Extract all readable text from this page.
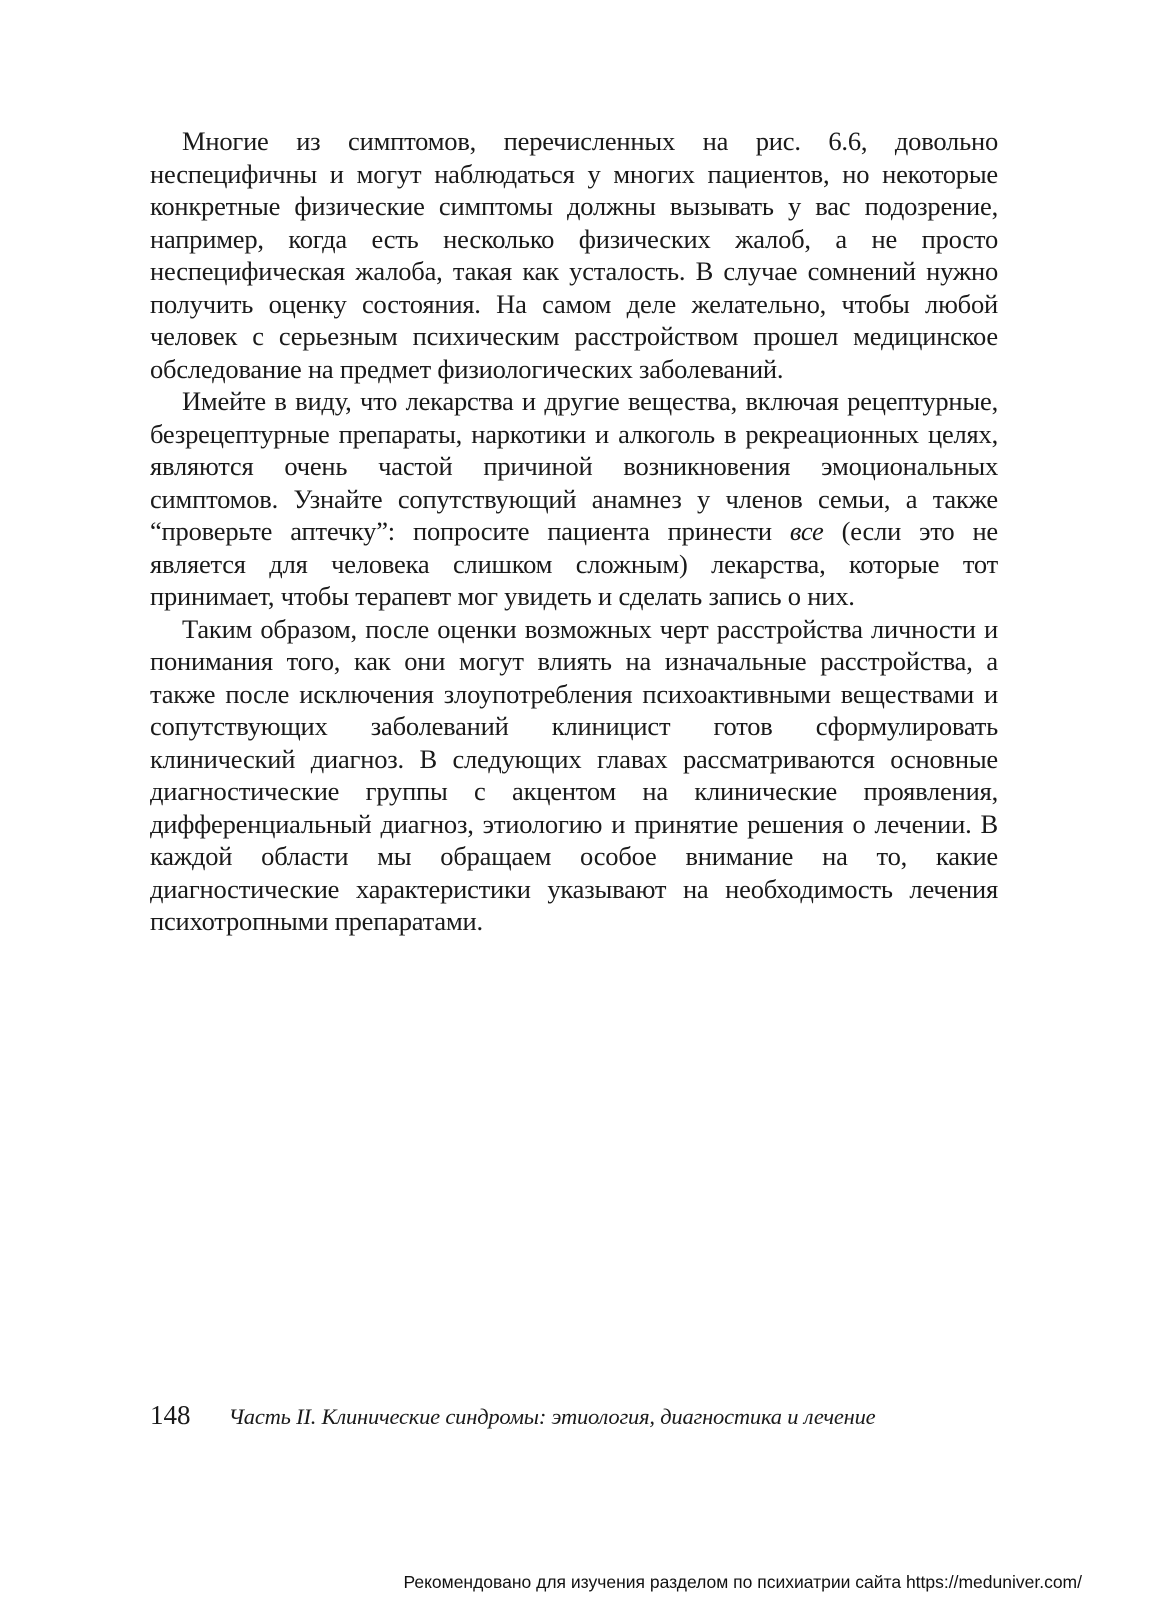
Многие из симптомов, перечисленных на рис. 6.6, довольно неспецифичны и могут наблюдаться у многих пациентов, но некоторые конкретные физические симптомы должны вызывать у вас подозрение, например, когда есть несколько физических жалоб, а не просто неспецифическая жалоба, такая как усталость. В случае сомнений нужно получить оценку состояния. На самом деле желательно, чтобы любой человек с серьезным психическим расстройством прошел медицинское обследование на предмет физиологических заболеваний.

Имейте в виду, что лекарства и другие вещества, включая рецептурные, безрецептурные препараты, наркотики и алкоголь в рекреационных целях, являются очень частой причиной возникновения эмоциональных симптомов. Узнайте сопутствующий анамнез у членов семьи, а также “проверьте аптечку”: попросите пациента принести все (если это не является для человека слишком сложным) лекарства, которые тот принимает, чтобы терапевт мог увидеть и сделать запись о них.

Таким образом, после оценки возможных черт расстройства личности и понимания того, как они могут влиять на изначальные расстройства, а также после исключения злоупотребления психоактивными веществами и сопутствующих заболеваний клиницист готов сформулировать клинический диагноз. В следующих главах рассматриваются основные диагностические группы с акцентом на клинические проявления, дифференциальный диагноз, этиологию и принятие решения о лечении. В каждой области мы обращаем особое внимание на то, какие диагностические характеристики указывают на необходимость лечения психотропными препаратами.

148 Часть II. Клинические синдромы: этиология, диагностика и лечение
Рекомендовано для изучения разделом по психиатрии сайта https://meduniver.com/
